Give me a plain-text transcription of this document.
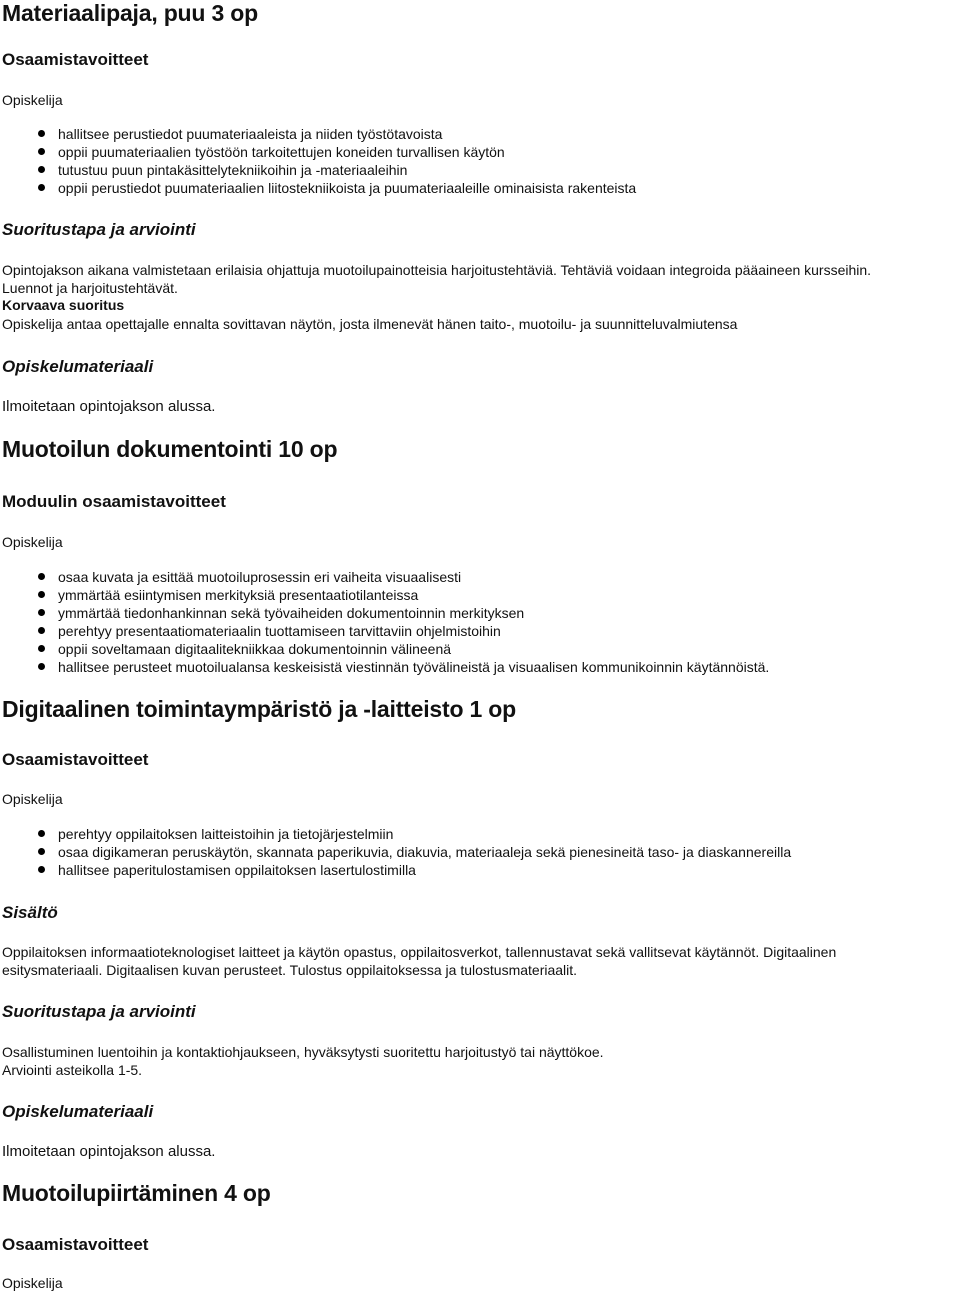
Materiaalipaja, puu 3 op
Osaamistavoitteet
Opiskelija
hallitsee perustiedot puumateriaaleista ja niiden työstötavoista
oppii puumateriaalien työstöön tarkoitettujen koneiden turvallisen käytön
tutustuu puun pintakäsittelytekniikoihin ja -materiaaleihin
oppii perustiedot puumateriaalien liitostekniikoista ja puumateriaaleille ominaisista rakenteista
Suoritustapa ja arviointi
Opintojakson aikana valmistetaan erilaisia ohjattuja muotoilupainotteisia harjoitustehtäviä. Tehtäviä voidaan integroida pääaineen kursseihin.
Luennot ja harjoitustehtävät.
Korvaava suoritus
Opiskelija antaa opettajalle ennalta sovittavan näytön, josta ilmenevät hänen taito-, muotoilu- ja suunnitteluvalmiutensa
Opiskelumateriaali
Ilmoitetaan opintojakson alussa.
Muotoilun dokumentointi 10 op
Moduulin osaamistavoitteet
Opiskelija
osaa kuvata ja esittää muotoiluprosessin eri vaiheita visuaalisesti
ymmärtää esiintymisen merkityksiä presentaatiotilanteissa
ymmärtää tiedonhankinnan sekä työvaiheiden dokumentoinnin merkityksen
perehtyy presentaatiomateriaalin tuottamiseen tarvittaviin ohjelmistoihin
oppii soveltamaan digitaalitekniikkaa dokumentoinnin välineenä
hallitsee perusteet muotoilualansa keskeisistä viestinnän työvälineistä ja visuaalisen kommunikoinnin käytännöistä.
Digitaalinen toimintaympäristö ja -laitteisto 1 op
Osaamistavoitteet
Opiskelija
perehtyy oppilaitoksen laitteistoihin ja tietojärjestelmiin
osaa digikameran peruskäytön, skannata paperikuvia, diakuvia, materiaaleja sekä pienesineitä taso- ja diaskannereilla
hallitsee paperitulostamisen oppilaitoksen lasertulostimilla
Sisältö
Oppilaitoksen informaatioteknologiset laitteet ja käytön opastus, oppilaitosverkot, tallennustavat sekä vallitsevat käytännöt. Digitaalinen
esitysmateriaali. Digitaalisen kuvan perusteet. Tulostus oppilaitoksessa ja tulostusmateriaalit.
Suoritustapa ja arviointi
Osallistuminen luentoihin ja kontaktiohjaukseen, hyväksytysti suoritettu harjoitustyö tai näyttökoe.
Arviointi asteikolla 1-5.
Opiskelumateriaali
Ilmoitetaan opintojakson alussa.
Muotoilupiirtäminen 4 op
Osaamistavoitteet
Opiskelija
